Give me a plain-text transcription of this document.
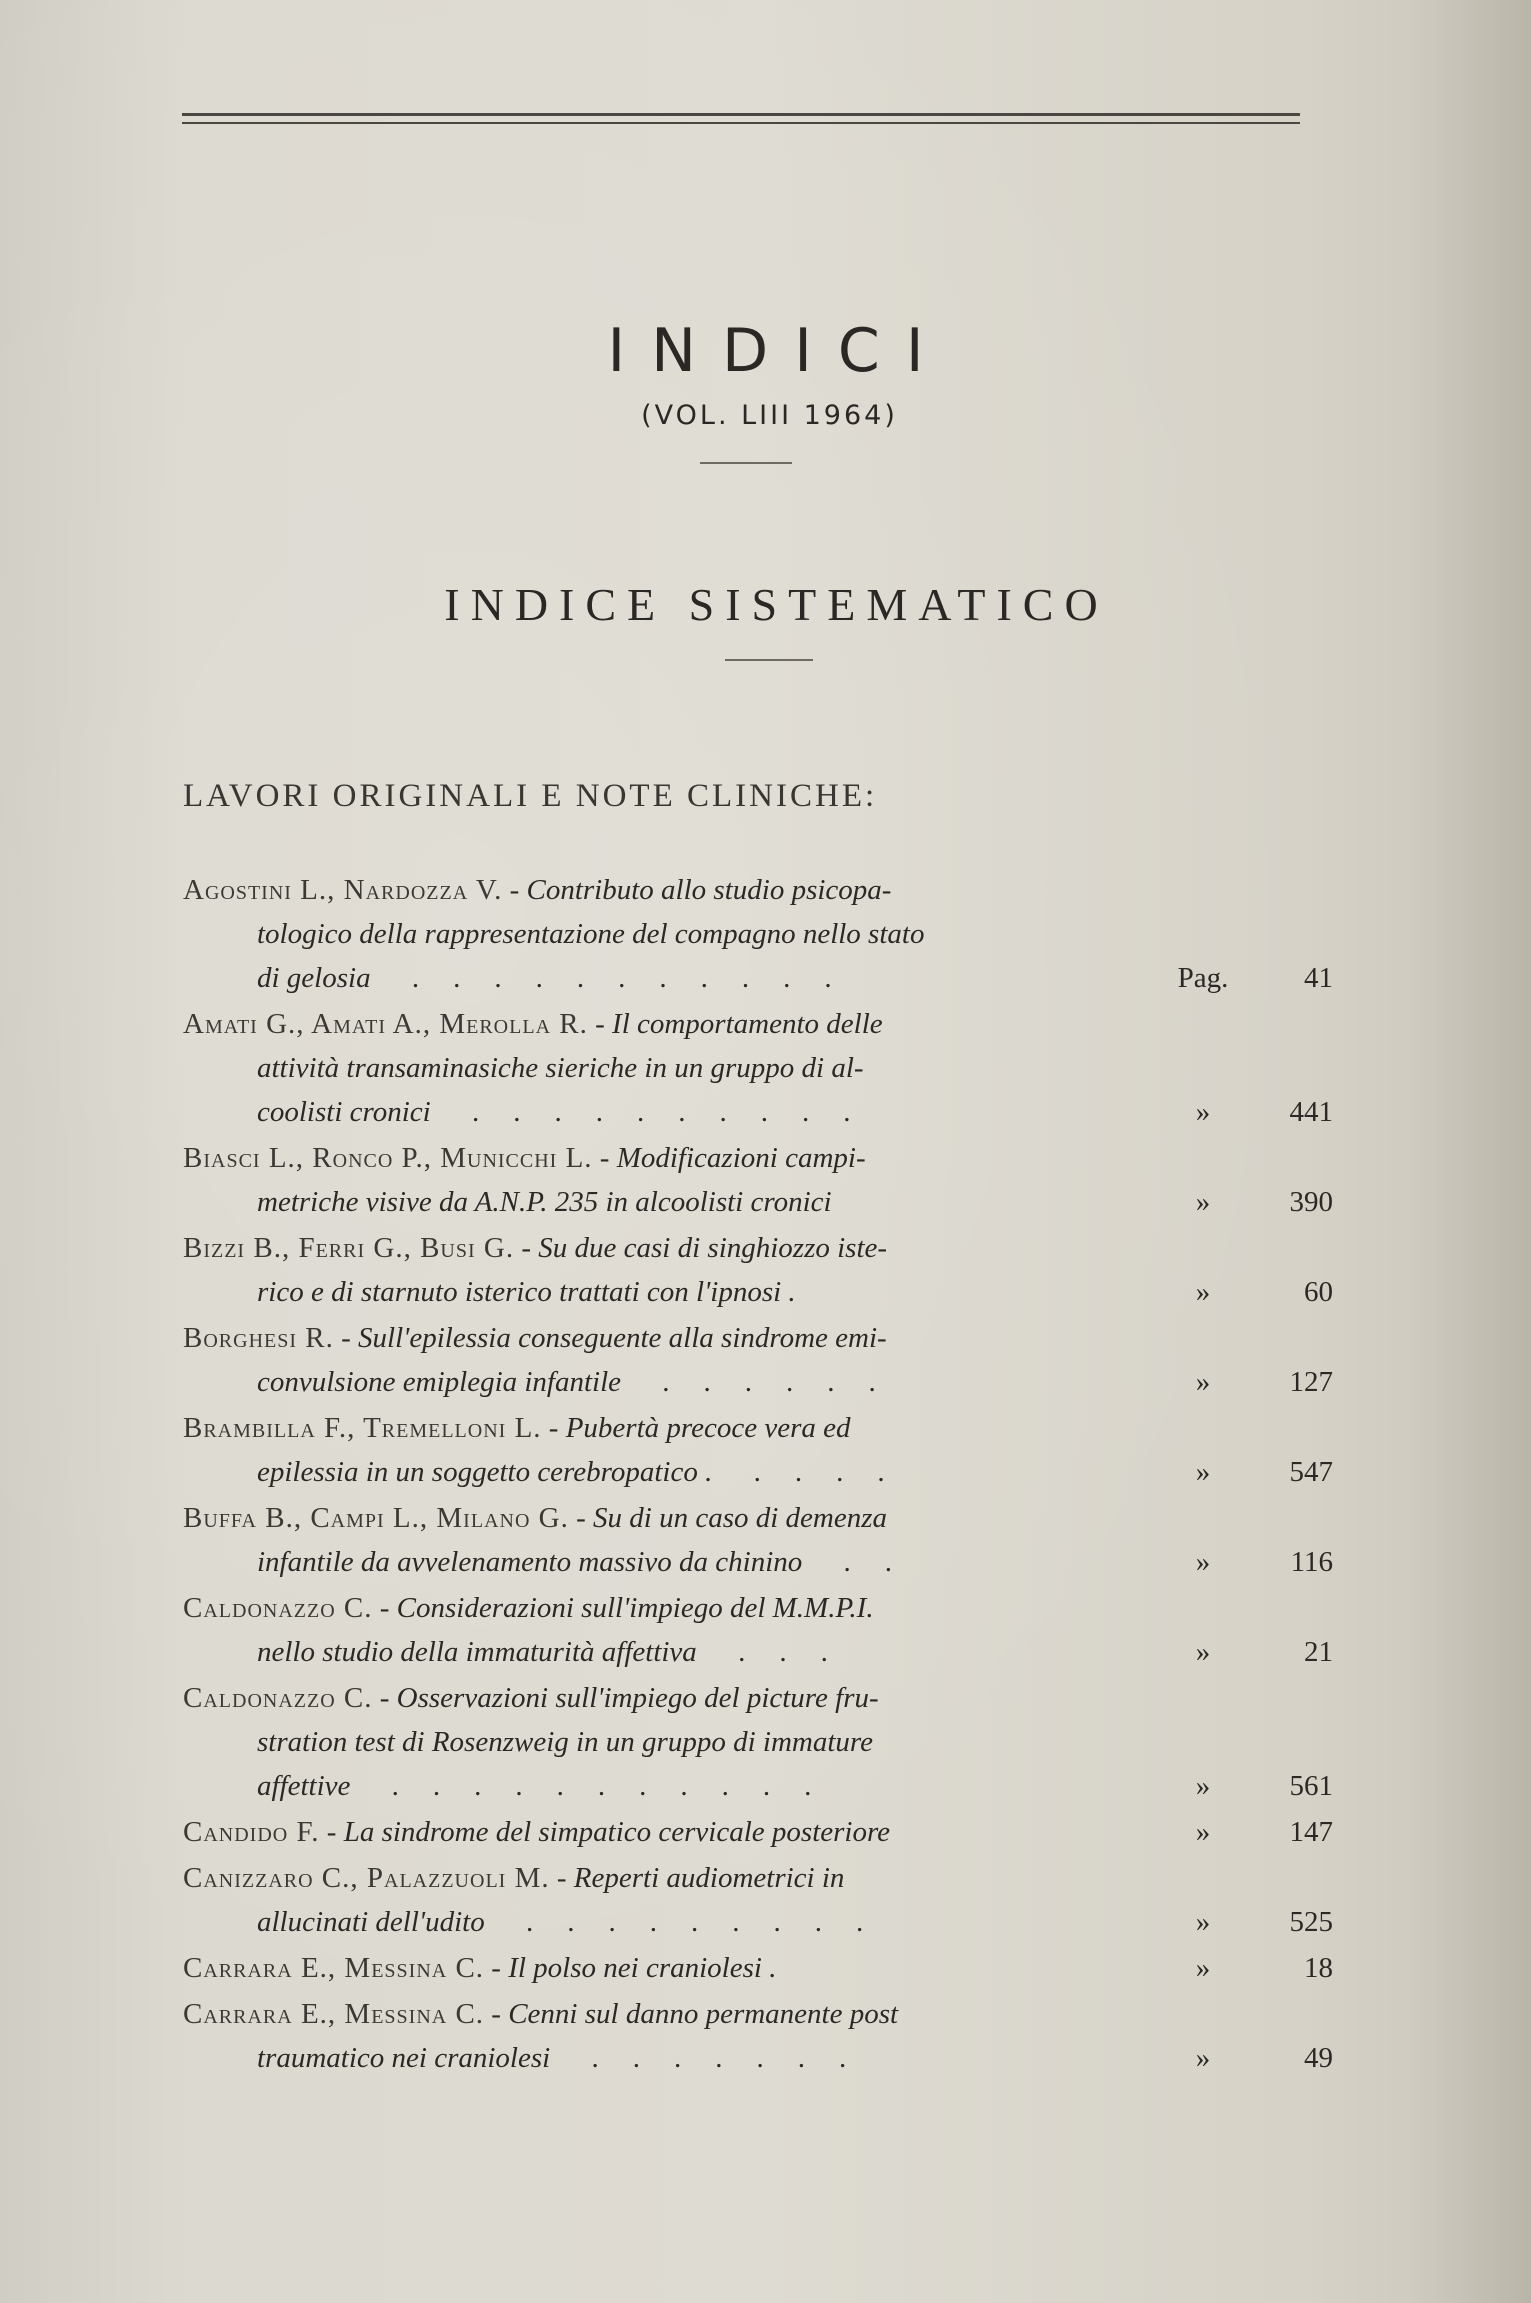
INDICI
(VOL. LIII 1964)
INDICE SISTEMATICO
LAVORI ORIGINALI E NOTE CLINICHE:
Agostini L., Nardozza V. - Contributo allo studio psicopa-
tologico della rappresentazione del compagno nello stato
di gelosia ...........	Pag.	41
Amati G., Amati A., Merolla R. - Il comportamento delle
attività transaminasiche sieriche in un gruppo di al-
coolisti cronici ..........	»	441
Biasci L., Ronco P., Municchi L. - Modificazioni campi-
metriche visive da A.N.P. 235 in alcoolisti cronici	»	390
Bizzi B., Ferri G., Busi G. - Su due casi di singhiozzo iste-
rico e di starnuto isterico trattati con l'ipnosi .	»	60
Borghesi R. - Sull'epilessia conseguente alla sindrome emi-
convulsione emiplegia infantile ......	»	127
Brambilla F., Tremelloni L. - Pubertà precoce vera ed
epilessia in un soggetto cerebropatico . ....	»	547
Buffa B., Campi L., Milano G. - Su di un caso di demenza
infantile da avvelenamento massivo da chinino ..	»	116
Caldonazzo C. - Considerazioni sull'impiego del M.M.P.I.
nello studio della immaturità affettiva ...	»	21
Caldonazzo C. - Osservazioni sull'impiego del picture fru-
stration test di Rosenzweig in un gruppo di immature
affettive ...........	»	561
Candido F. - La sindrome del simpatico cervicale posteriore	»	147
Canizzaro C., Palazzuoli M. - Reperti audiometrici in
allucinati dell'udito .........	»	525
Carrara E., Messina C. - Il polso nei craniolesi .	»	18
Carrara E., Messina C. - Cenni sul danno permanente post
traumatico nei craniolesi .......	»	49
